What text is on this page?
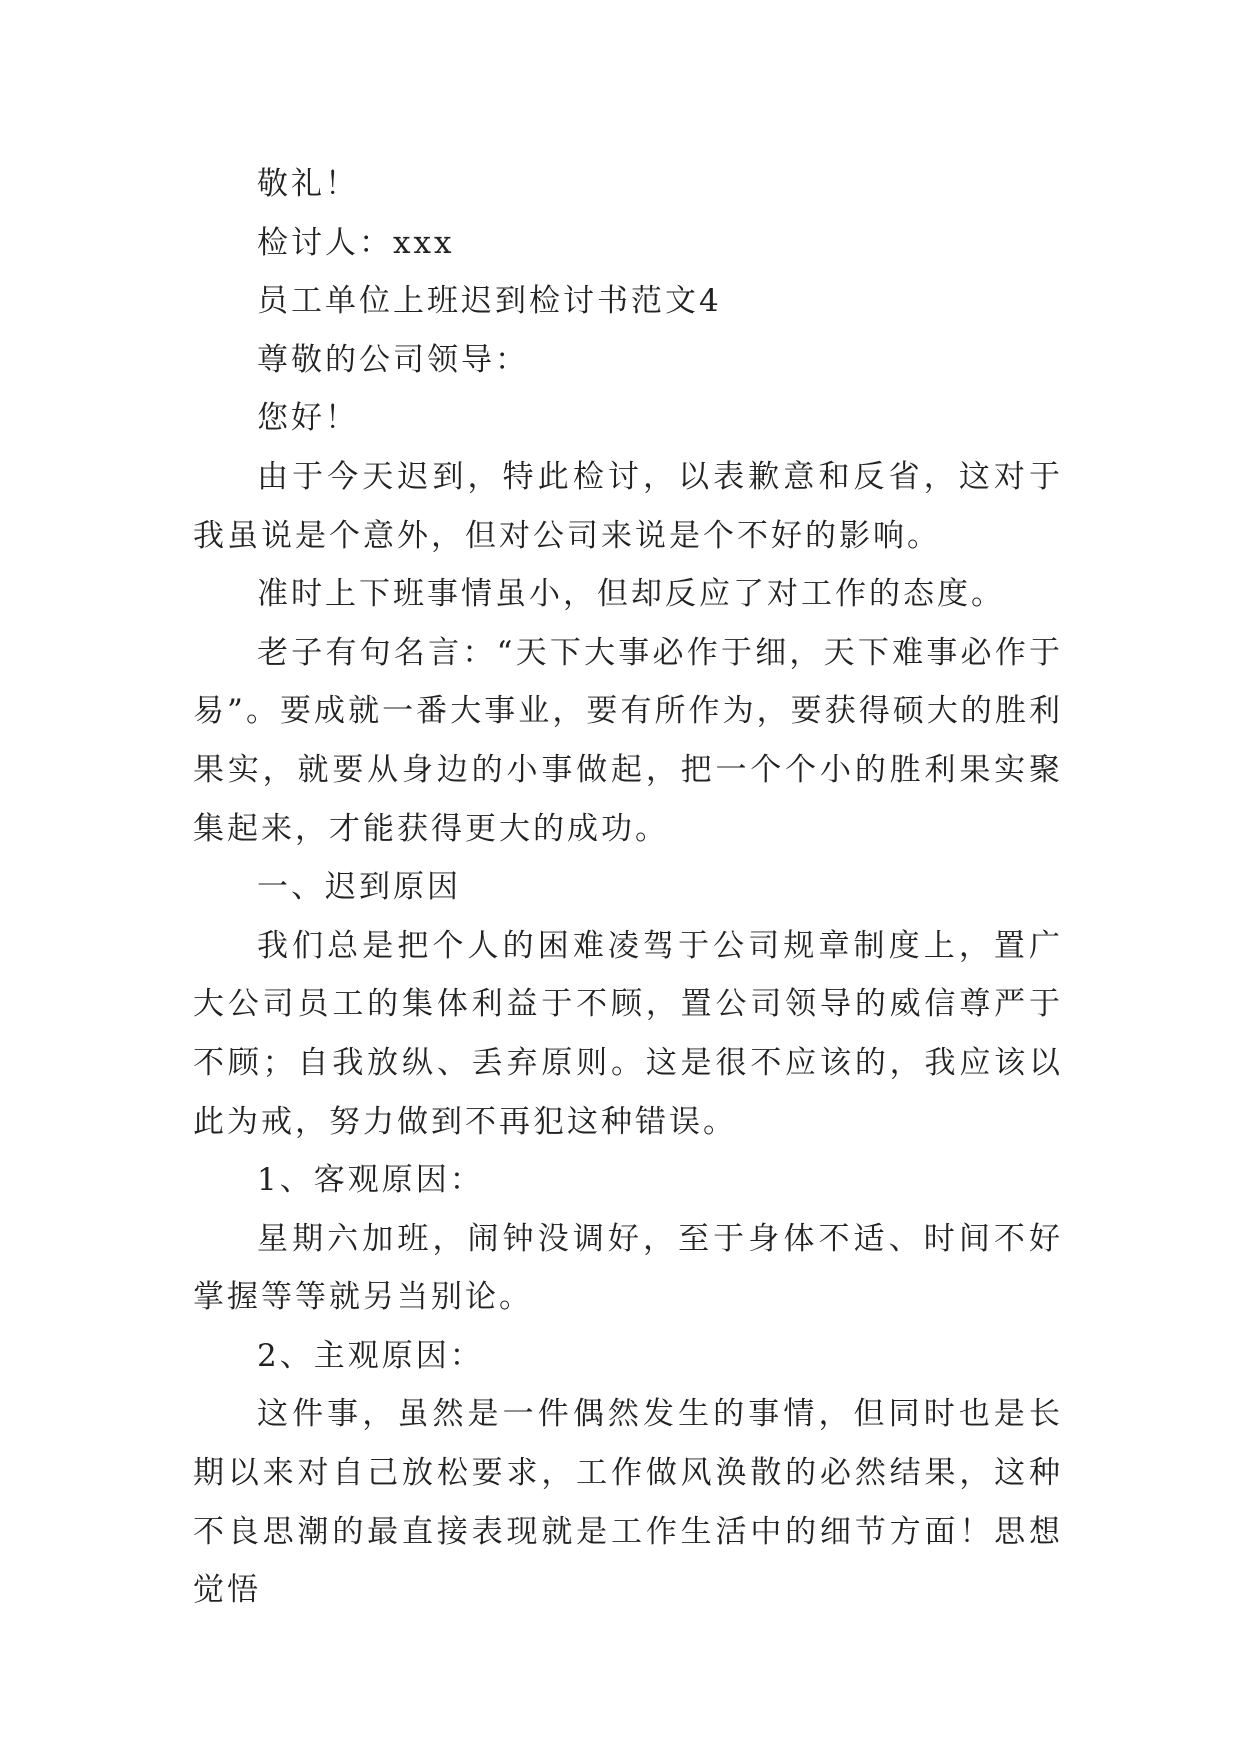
敬礼！

检讨人：xxx

员工单位上班迟到检讨书范文4

尊敬的公司领导：

您好！

由于今天迟到，特此检讨，以表歉意和反省，这对于我虽说是个意外，但对公司来说是个不好的影响。

准时上下班事情虽小，但却反应了对工作的态度。

老子有句名言：“天下大事必作于细，天下难事必作于易”。要成就一番大事业，要有所作为，要获得硕大的胜利果实，就要从身边的小事做起，把一个个小的胜利果实聚集起来，才能获得更大的成功。

一、迟到原因

我们总是把个人的困难凌驾于公司规章制度上，置广大公司员工的集体利益于不顾，置公司领导的威信尊严于不顾；自我放纵、丢弃原则。这是很不应该的，我应该以此为戒，努力做到不再犯这种错误。

1、客观原因：

星期六加班，闹钟没调好，至于身体不适、时间不好掌握等等就另当别论。

2、主观原因：

这件事，虽然是一件偶然发生的事情，但同时也是长期以来对自己放松要求，工作做风涣散的必然结果，这种不良思潮的最直接表现就是工作生活中的细节方面！思想觉悟
